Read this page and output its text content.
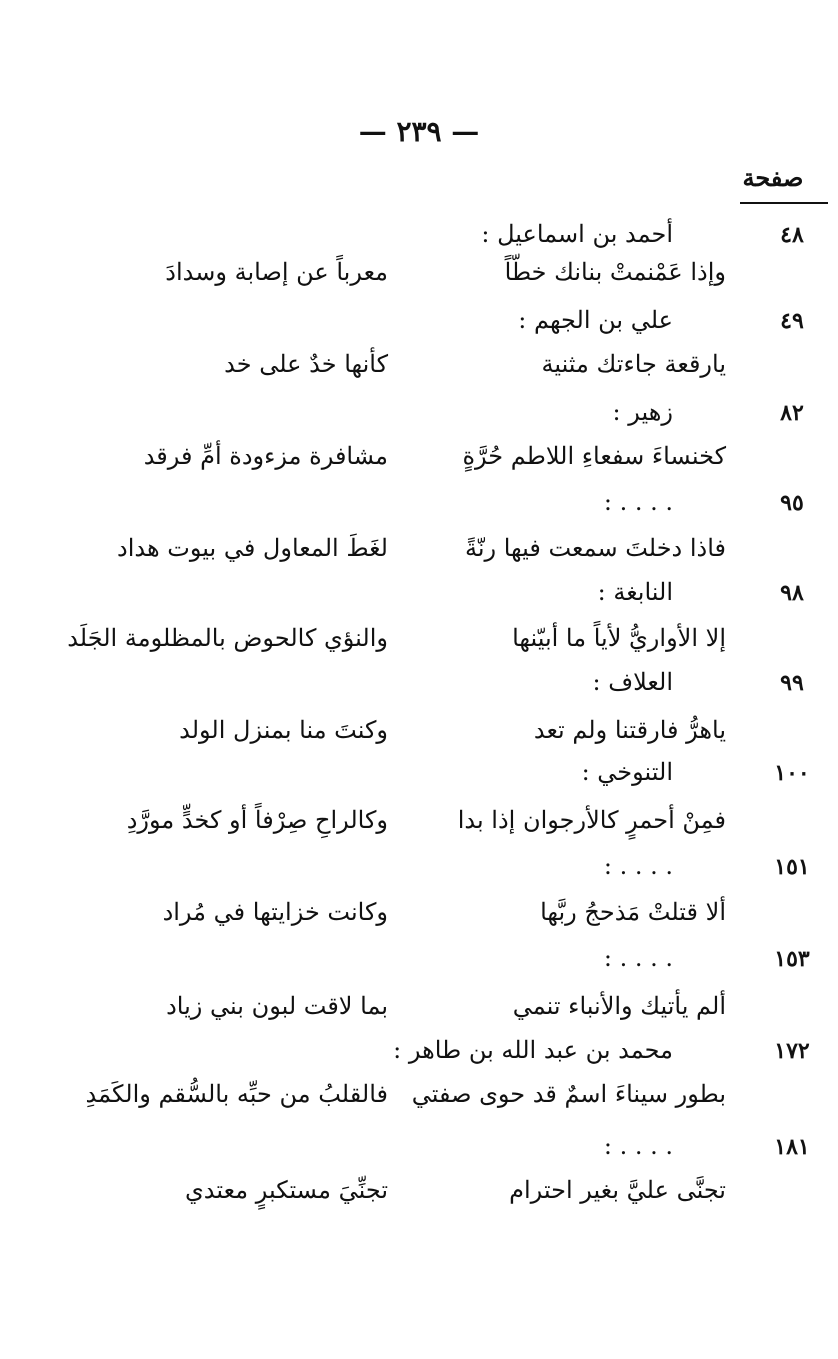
— ٢٣٩ —
صفحة
٤٨
أحمد بن اسماعيل :
وإذا عَمْنمتْ بنانك خطّاً
معرباً عن إصابة وسدادَ
٤٩
علي بن الجهم :
يارقعة جاءتك مثنية
كأنها خدٌ على خد
٨٢
زهير :
كخنساءَ سفعاءِ اللاطم حُرَّةٍ
مشافرة مزءودة أمِّ فرقد
٩٥
. . . . :
فاذا دخلتَ سمعت فيها رنّةً
لغَطَ المعاول في بيوت هداد
٩٨
النابغة :
إلا الأواريُّ لأياً ما أبيّنها
والنؤي كالحوض بالمظلومة الجَلَد
٩٩
العلاف :
ياهرُّ فارقتنا ولم تعد
وكنتَ منا بمنزل الولد
١٠٠
التنوخي :
فمِنْ أحمرٍ كالأرجوان إذا بدا
وكالراحِ صِرْفاً أو كخدٍّ مورَّدِ
١٥١
. . . . :
ألا قتلتْ مَذحجُ ربَّها
وكانت خزايتها في مُراد
١٥٣
. . . . :
ألم يأتيك والأنباء تنمي
بما لاقت لبون بني زياد
١٧٢
محمد بن عبد الله بن طاهر :
بطور سيناءَ اسمٌ قد حوى صفتي
فالقلبُ من حبِّه بالسُّقم والكَمَدِ
١٨١
. . . . :
تجنَّى عليَّ بغير احترام
تجنِّيَ مستكبرٍ معتدي
